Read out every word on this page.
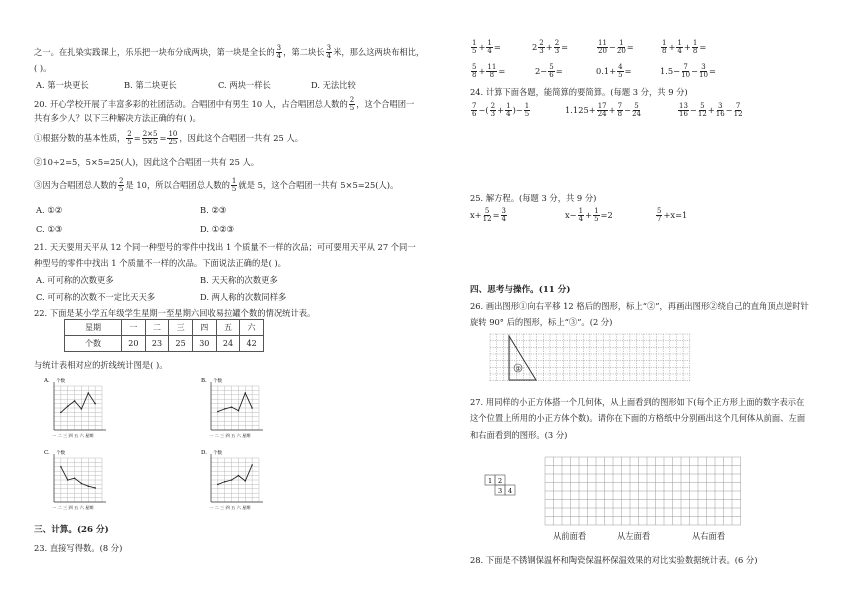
之一。在扎染实践课上，乐乐把一块布分成两块，第一块是全长的 $\frac{3}{4}$ ，第二块长 $\frac{3}{4}$ 米，那么这两块布相比，
( )。
A. 第一块更长	B. 第二块更长	C. 两块一样长	D. 无法比较
20. 开心学校开展了丰富多彩的社团活动。合唱团中有男生 10 人，占合唱团总人数的 $\frac{2}{5}$ ，这个合唱团一
共有多少人？以下三种解决方法正确的有( )。
①根据分数的基本性质， $\frac{2}{5} = \frac{2\times 5}{5\times 5} = \frac{10}{25}$ ，因此这个合唱团一共有 25 人。
②10÷2=5，5×5=25(人)，因此这个合唱团一共有 25 人。
③因为合唱团总人数的 $\frac{2}{5}$ 是 10，所以合唱团总人数的 $\frac{1}{5}$ 就是 5，这个合唱团一共有 5×5=25(人)。
A. ①②	B. ②③
C. ①③	D. ①②③
21. 天天要用天平从 12 个同一种型号的零件中找出 1 个质量不一样的次品；可可要用天平从 27 个同一
种型号的零件中找出 1 个质量不一样的次品。下面说法正确的是( )。
A. 可可称的次数更多	B. 天天称的次数更多
C. 可可称的次数不一定比天天多	D. 两人称的次数同样多
22. 下面是某小学五年级学生星期一至星期六回收易拉罐个数的情况统计表。
星期	一	二	三	四	五	六
个数	20	23	25	30	24	42
与统计表相对应的折线统计图是( )。
A. 个数
一 二 三 四 五 六 星期
B. 个数
一 二 三 四 五 六 星期
C. 个数
一 二 三 四 五 六 星期
D. 个数
一 二 三 四 五 六 星期
三、计算。(26 分)
23. 直接写得数。(8 分)
$\frac{1}{5} + \frac{1}{4}$ =	$2 \frac{2}{3} + \frac{2}{3}$ =	$\frac{11}{20} - \frac{1}{20}$ =	$\frac{1}{8} + \frac{1}{4} + \frac{1}{8}$ =
$\frac{5}{8} + \frac{11}{8}$ =	$2- \frac{5}{6}$ =	$0.1+ \frac{4}{5}$ =	$1.5- \frac{7}{10} - \frac{3}{10}$ =
24. 计算下面各题，能简算的要简算。(每题 3 分，共 9 分)
$\frac{7}{6}$ −( $\frac{2}{3} + \frac{1}{4}$ )− $\frac{1}{5}$	$1.125+ \frac{17}{24} + \frac{7}{8} - \frac{5}{24}$	$\frac{13}{16} - \frac{5}{12} + \frac{3}{16} - \frac{7}{12}$
25. 解方程。(每题 3 分，共 9 分)
$x+ \frac{5}{12} = \frac{3}{4}$	$x- \frac{1}{4} + \frac{1}{5} =2$	$\frac{5}{7} +x=1$
四、思考与操作。(11 分)
26. 画出图形①向右平移 12 格后的图形，标上“②”，再画出图形②绕自己的直角顶点逆时针
旋转 90° 后的图形，标上“③”。(2 分)
①
27. 用同样的小正方体搭一个几何体，从上面看到的图形如下(每个正方形上面的数字表示在
这个位置上所用的小正方体个数)。请你在下面的方格纸中分别画出这个几何体从前面、左面
和右面看到的图形。(3 分)
1 2
3 4
从前面看	从左面看	从右面看
28. 下面是不锈钢保温杯和陶瓷保温杯保温效果的对比实验数据统计表。(6 分)
